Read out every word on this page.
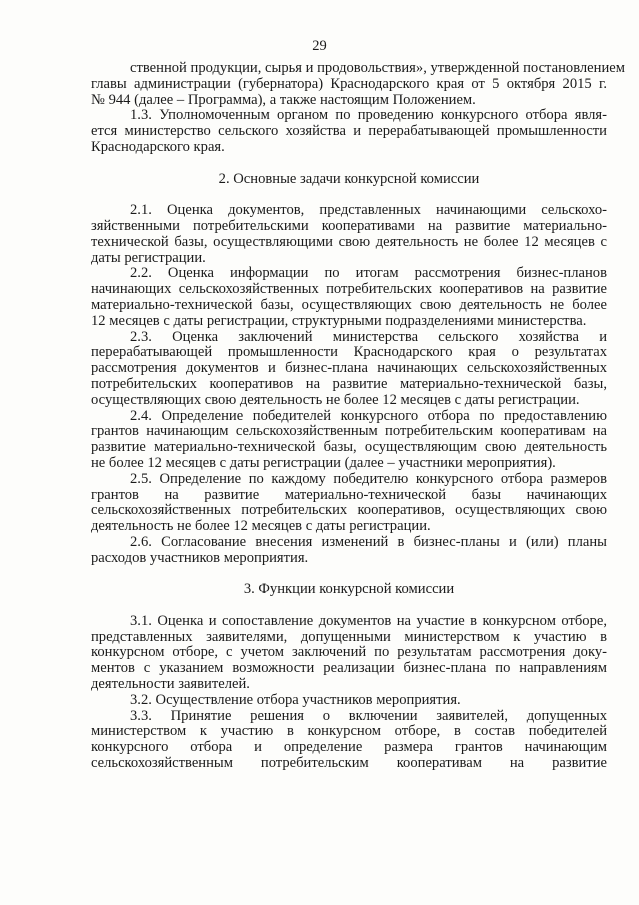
29
ственной продукции, сырья и продовольствия», утвержденной постановлением
главы администрации (губернатора) Краснодарского края от 5 октября 2015 г.
№ 944 (далее – Программа), а также настоящим Положением.
1.3. Уполномоченным органом по проведению конкурсного отбора явля-
ется министерство сельского хозяйства и перерабатывающей промышленности
Краснодарского края.
2. Основные задачи конкурсной комиссии
2.1. Оценка документов, представленных начинающими сельскохо-
зяйственными потребительскими кооперативами на развитие материально-
технической базы, осуществляющими свою деятельность не более 12 месяцев с
даты регистрации.
2.2. Оценка информации по итогам рассмотрения бизнес-планов
начинающих сельскохозяйственных потребительских кооперативов на развитие
материально-технической базы, осуществляющих свою деятельность не более
12 месяцев с даты регистрации, структурными подразделениями министерства.
2.3. Оценка заключений министерства сельского хозяйства и
перерабатывающей промышленности Краснодарского края о результатах
рассмотрения документов и бизнес-плана начинающих сельскохозяйственных
потребительских кооперативов на развитие материально-технической базы,
осуществляющих свою деятельность не более 12 месяцев с даты регистрации.
2.4. Определение победителей конкурсного отбора по предоставлению
грантов начинающим сельскохозяйственным потребительским кооперативам на
развитие материально-технической базы, осуществляющим свою деятельность
не более 12 месяцев с даты регистрации (далее – участники мероприятия).
2.5. Определение по каждому победителю конкурсного отбора размеров
грантов на развитие материально-технической базы начинающих
сельскохозяйственных потребительских кооперативов, осуществляющих свою
деятельность не более 12 месяцев с даты регистрации.
2.6. Согласование внесения изменений в бизнес-планы и (или) планы
расходов участников мероприятия.
3. Функции конкурсной комиссии
3.1. Оценка и сопоставление документов на участие в конкурсном отборе,
представленных заявителями, допущенными министерством к участию в
конкурсном отборе, с учетом заключений по результатам рассмотрения доку-
ментов с указанием возможности реализации бизнес-плана по направлениям
деятельности заявителей.
3.2. Осуществление отбора участников мероприятия.
3.3. Принятие решения о включении заявителей, допущенных
министерством к участию в конкурсном отборе, в состав победителей
конкурсного отбора и определение размера грантов начинающим
сельскохозяйственным потребительским кооперативам на развитие
